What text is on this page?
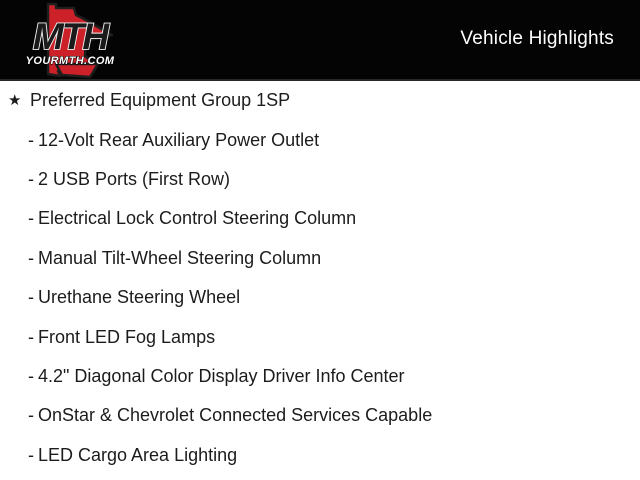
MTH
YOURMTH.COM
Vehicle Highlights
★ Preferred Equipment Group 1SP
- 12-Volt Rear Auxiliary Power Outlet
- 2 USB Ports (First Row)
- Electrical Lock Control Steering Column
- Manual Tilt-Wheel Steering Column
- Urethane Steering Wheel
- Front LED Fog Lamps
- 4.2" Diagonal Color Display Driver Info Center
- OnStar & Chevrolet Connected Services Capable
- LED Cargo Area Lighting
